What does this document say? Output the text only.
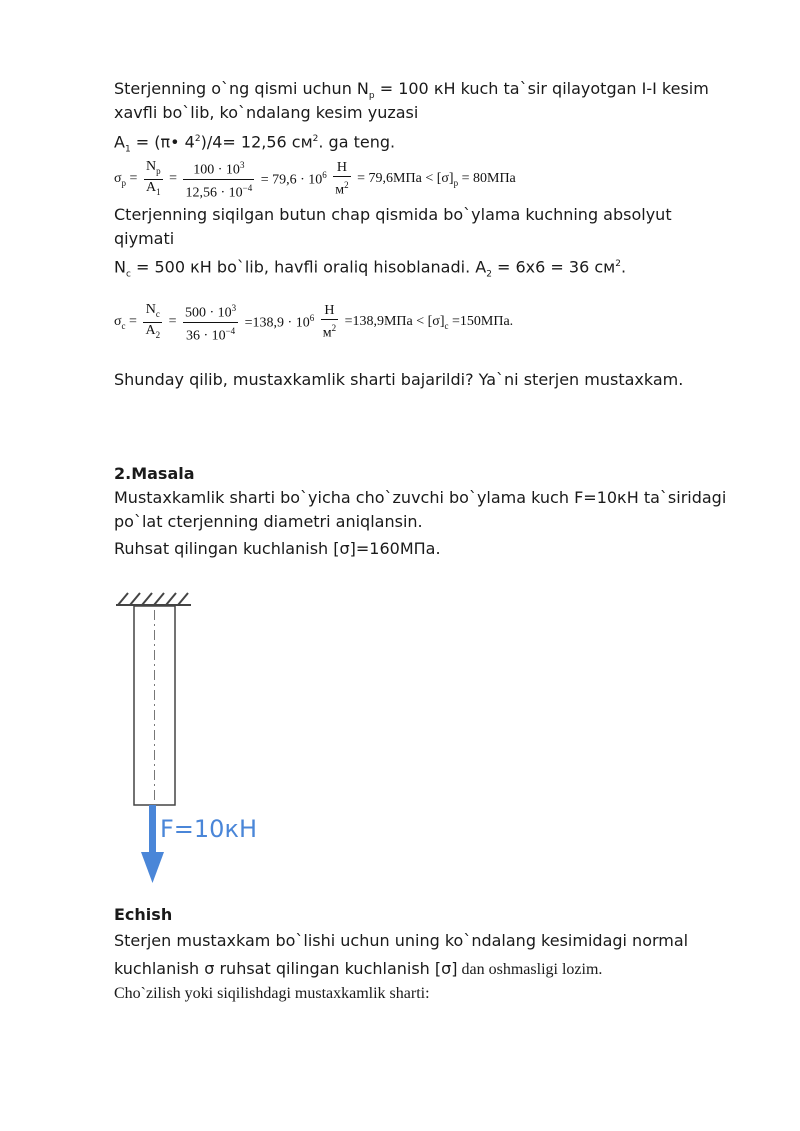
Sterjenning o`ng qismi uchun $N_р = 100$ кН kuch ta`sir qilayotgan I-I kesim
xavfli bo`lib, ko`ndalang kesim yuzasi
$A_1$ = (π• $4^2)/4= 12,56$ $см^2$. ga teng.
$\sigma_р = \frac{N_р}{A_1} = \frac{100 \cdot 10^3}{12,56 \cdot 10^{-4}} = 79,6 \cdot 10^6 \frac{H}{м^2} = 79,6МПа < [\sigma]_р = 80МПа$
Cterjenning siqilgan butun chap qismida bo`ylama kuchning absolyut
qiymati
$N_c = 500$ кН bo`lib, havfli oraliq hisoblanadi. $A_2 = 6x6 = 36$ $см^2$.
$\sigma_c = \frac{N_c}{A_2} = \frac{500 \cdot 10^3}{36 \cdot 10^{-4}} =138,9 \cdot 10^6 \frac{H}{м^2} =138,9МПа < [\sigma]_c =150МПа$.
Shunday qilib, mustaxkamlik sharti bajarildi? Ya`ni sterjen mustaxkam.
2.Masala
Mustaxkamlik sharti bo`yicha cho`zuvchi bo`ylama kuch F=10кН ta`siridagi
po`lat cterjenning diametri aniqlansin.
Ruhsat qilingan kuchlanish [σ]=160МПа.
F=10кН
Echish
Sterjen mustaxkam bo`lishi uchun uning ko`ndalang kesimidagi normal
kuchlanish σ ruhsat qilingan kuchlanish [σ] dan oshmasligi lozim.
Cho`zilish yoki siqilishdagi mustaxkamlik sharti:
